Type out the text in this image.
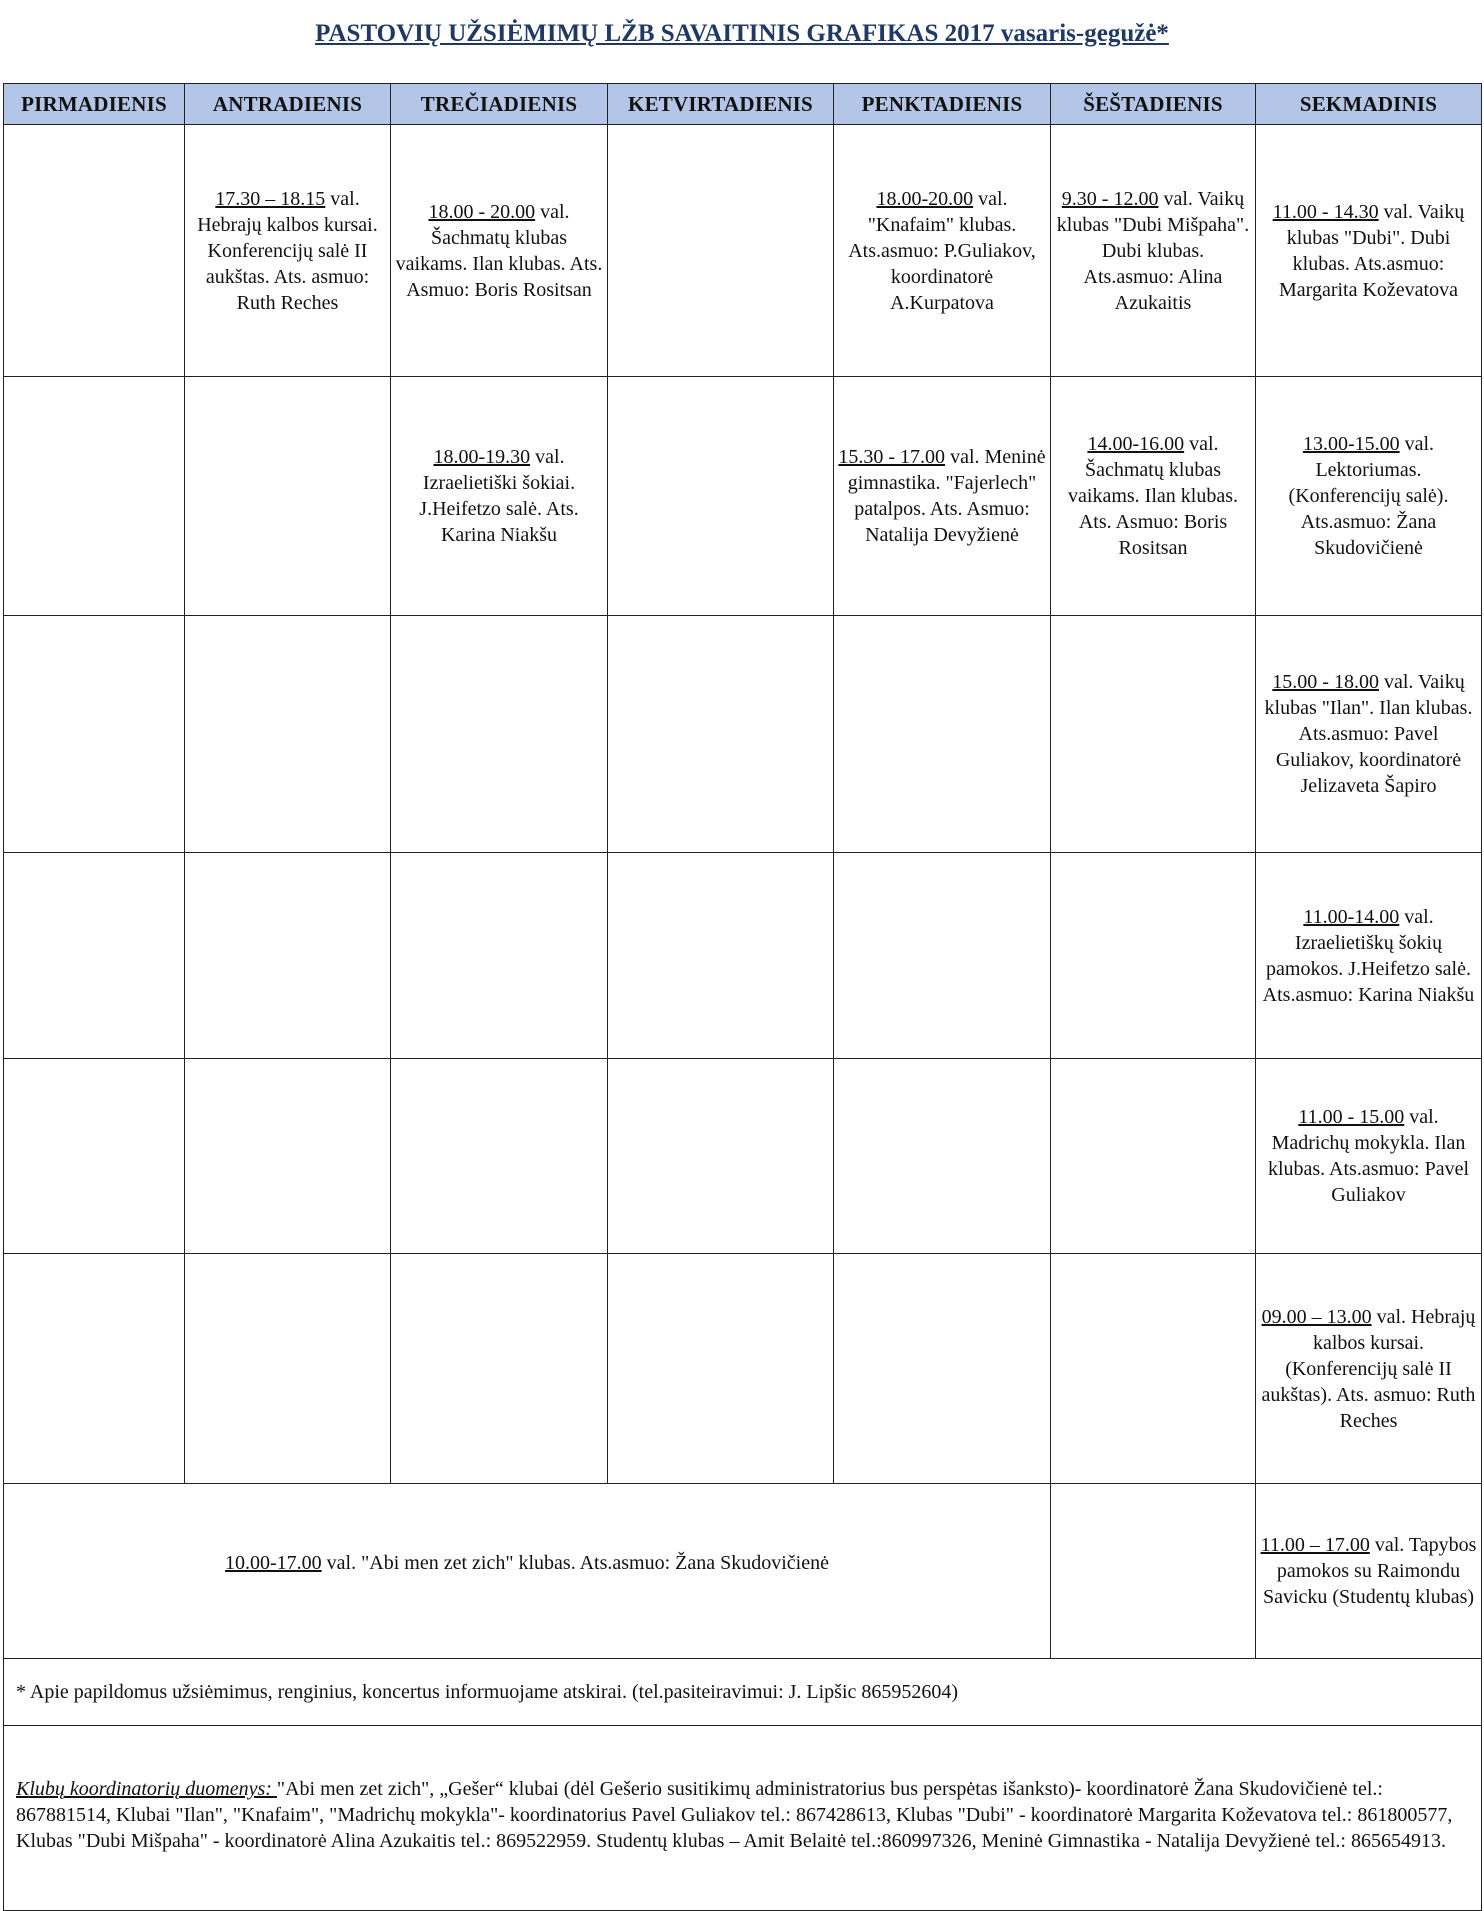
PASTOVIŲ UŽSIĖMIMŲ LŽB SAVAITINIS GRAFIKAS 2017 vasaris-gegužė*
PIRMADIENIS	ANTRADIENIS	TREČIADIENIS	KETVIRTADIENIS	PENKTADIENIS	ŠEŠTADIENIS	SEKMADINIS

	17.30 – 18.15 val. Hebrajų kalbos kursai. Konferencijų salė II aukštas. Ats. asmuo: Ruth Reches	18.00 - 20.00 val. Šachmatų klubas vaikams. Ilan klubas. Ats. Asmuo: Boris Rositsan		18.00-20.00 val. "Knafaim" klubas. Ats.asmuo: P.Guliakov, koordinatorė A.Kurpatova	9.30 - 12.00 val. Vaikų klubas "Dubi Mišpaha". Dubi klubas. Ats.asmuo: Alina Azukaitis	11.00 - 14.30 val. Vaikų klubas "Dubi". Dubi klubas. Ats.asmuo: Margarita Koževatova

		18.00-19.30 val. Izraelietiški šokiai. J.Heifetzo salė. Ats. Karina Niakšu		15.30 - 17.00 val. Meninė gimnastika. "Fajerlech" patalpos. Ats. Asmuo: Natalija Devyžienė	14.00-16.00 val. Šachmatų klubas vaikams. Ilan klubas. Ats. Asmuo: Boris Rositsan	13.00-15.00 val. Lektoriumas. (Konferencijų salė). Ats.asmuo: Žana Skudovičienė

						15.00 - 18.00 val. Vaikų klubas "Ilan". Ilan klubas. Ats.asmuo: Pavel Guliakov, koordinatorė Jelizaveta Šapiro

						11.00-14.00 val. Izraelietiškų šokių pamokos. J.Heifetzo salė. Ats.asmuo: Karina Niakšu

						11.00 - 15.00 val. Madrichų mokykla. Ilan klubas. Ats.asmuo: Pavel Guliakov

						09.00 – 13.00 val. Hebrajų kalbos kursai. (Konferencijų salė II aukštas). Ats. asmuo: Ruth Reches

10.00-17.00 val. "Abi men zet zich" klubas. Ats.asmuo: Žana Skudovičienė						11.00 – 17.00 val. Tapybos pamokos su Raimondu Savicku (Studentų klubas)

* Apie papildomus užsiėmimus, renginius, koncertus informuojame atskirai. (tel.pasiteiravimui: J. Lipšic 865952604)						
Klubų koordinatorių duomenys: "Abi men zet zich", „Gešer“ klubai (dėl Gešerio susitikimų administratorius bus perspėtas išanksto)- koordinatorė Žana Skudovičienė tel.: 867881514, Klubai "Ilan", "Knafaim", "Madrichų mokykla"- koordinatorius Pavel Guliakov tel.: 867428613, Klubas "Dubi" - koordinatorė Margarita Koževatova tel.: 861800577, Klubas "Dubi Mišpaha" - koordinatorė Alina Azukaitis tel.: 869522959. Studentų klubas – Amit Belaitė tel.:860997326, Meninė Gimnastika - Natalija Devyžienė tel.: 865654913.						
